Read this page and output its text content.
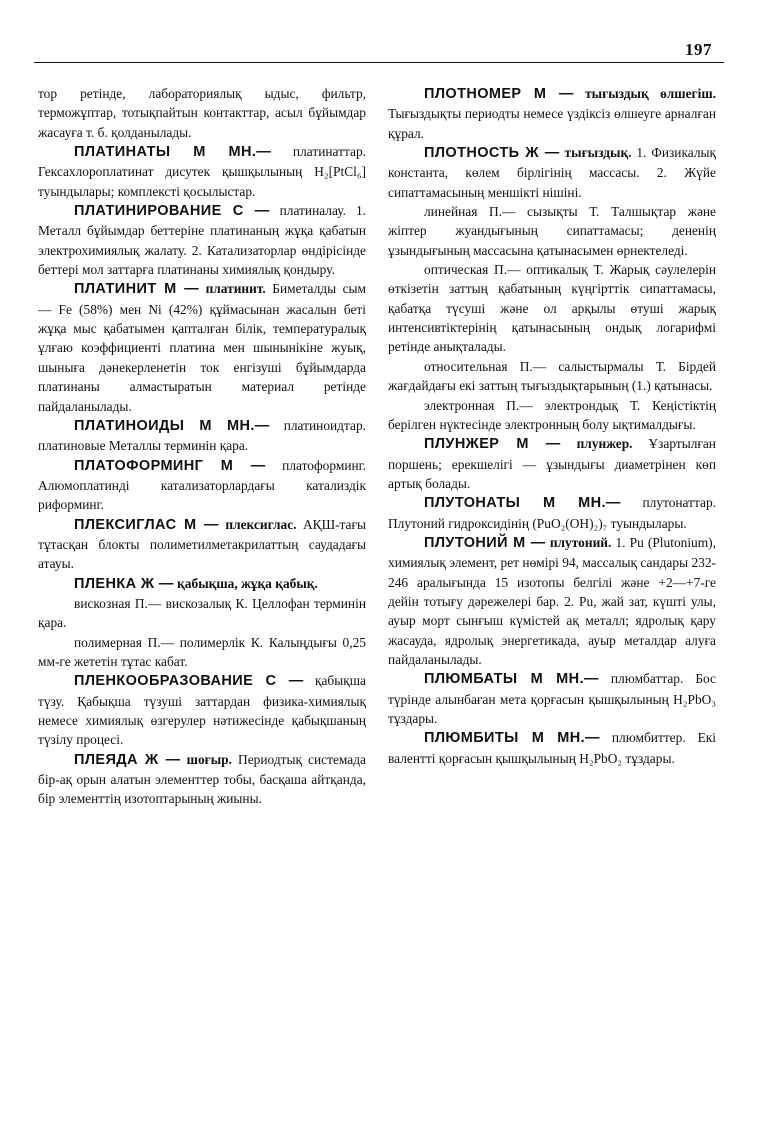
197

тор ретінде, лабораториялық ыдыс, фильтр, терможұптар, тотықпайтын контакттар, асыл бұйымдар жасауға т. б. қолданылады.

ПЛАТИНАТЫ М МН.— платинаттар. Гексахлороплатинат дисутек қышқылының H₂[PtCl₆] туындылары; комплексті қосылыстар.

ПЛАТИНИРОВАНИЕ С — платиналау. 1. Металл бұйымдар беттеріне платинаның жұқа қабатын электрохимиялық жалату. 2. Катализаторлар өндірісінде беттері мол заттарға платинаны химиялық қондыру.

ПЛАТИНИТ М — платинит. Биметалды сым — Fe (58%) мен Ni (42%) құймасынан жасалын беті жұқа мыс қабатымен қапталған білік, температуралық ұлғаю коэффициенті платина мен шынынікіне жуық, шыныға дәнекерленетін ток енгізуші бұйымдарда платинаны алмастыратын материал ретінде пайдаланылады.

ПЛАТИНОИДЫ М МН.— платиноидтар. платиновые Металлы терминін қара.

ПЛАТОФОРМИНГ М — платоформинг. Алюмоплатинді катализаторлардағы катализдік риформинг.

ПЛЕКСИГЛАС М — плексиглас. АҚШ-тағы тұтасқан блокты полиметилметакрилаттың саудадағы атауы.

ПЛЕНКА Ж — қабықша, жұқа қабық.

вискозная П.— вискозалық К. Целлофан терминін қара.

полимерная П.— полимерлік К. Калыңдығы 0,25 мм-ге жететін тұтас кабат.

ПЛЕНКООБРАЗОВАНИЕ С — қабықша түзу. Қабықша түзуші заттардан физика-химиялық немесе химиялық өзгерулер нәтижесінде қабықшаның түзілу процесі.

ПЛЕЯДА Ж — шоғыр. Периодтық системада бір-ақ орын алатын элементтер тобы, басқаша айтқанда, бір элементтің изотоптарының жиыны.

ПЛОТНОМЕР М — тығыздық өлшегіш. Тығыздықты периодты немесе үздіксіз өлшеуге арналған құрал.

ПЛОТНОСТЬ Ж — тығыздық. 1. Физикалық константа, көлем бірлігінің массасы. 2. Жүйе сипаттамасының меншікті нішіні.

линейная П.— сызықты Т. Талшықтар және жіптер жуандығының сипаттамасы; дененің ұзындығының массасына қатынасымен өрнектеледі.

оптическая П.— оптикалық Т. Жарық сәулелерін өткізетін заттың қабатының күңгірттік сипаттамасы, қабатқа түсуші және ол арқылы өтуші жарық интенсивтіктерінің қатынасының ондық логарифмі ретінде анықталады.

относительная П.— салыстырмалы Т. Бірдей жағдайдағы екі заттың тығыздықтарының (1.) қатынасы.

электронная П.— электрондық Т. Кеңістіктің берілген нүктесінде электронның болу ықтималдығы.

ПЛУНЖЕР М — плунжер. Ұзартылған поршень; ерекшелігі — ұзындығы диаметрінен көп артық болады.

ПЛУТОНАТЫ М МН.— плутонаттар. Плутоний гидроксидінің (PuO₂(OH)₂)₇ туындылары.

ПЛУТОНИЙ М — плутоний. 1. Pu (Plutonium), химиялық элемент, рет нөмірі 94, массалық сандары 232-246 аралығында 15 изотопы белгілі және +2—+7-ге дейін тотығу дәрежелері бар. 2. Pu, жай зат, күшті улы, ауыр морт сынғыш күмістей ақ металл; ядролық қару жасауда, ядролық энергетикада, ауыр металдар алуға пайдаланылады.

ПЛЮМБАТЫ М МН.— плюмбаттар. Бос түрінде алынбаған мета қорғасын қышқылының H₂PbO₃ тұздары.

ПЛЮМБИТЫ М МН.— плюмбиттер. Екі валентті қорғасын қышқылының H₂PbO₂ тұздары.
